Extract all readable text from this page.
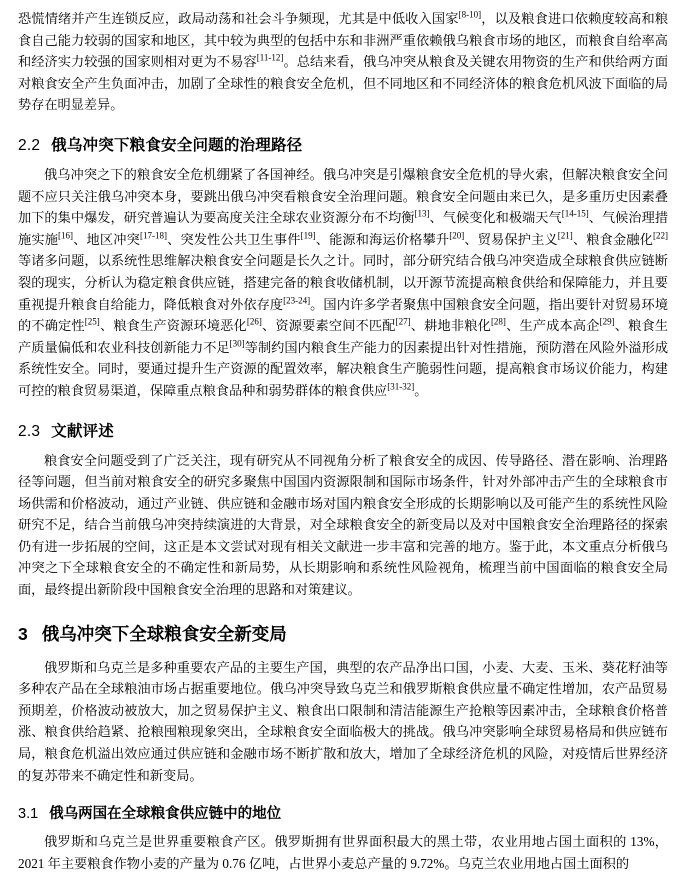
恐慌情绪并产生连锁反应，政局动荡和社会斗争频现，尤其是中低收入国家[8-10]，以及粮食进口依赖度较高和粮食自己能力较弱的国家和地区，其中较为典型的包括中东和非洲严重依赖俄乌粮食市场的地区，而粮食自给率高和经济实力较强的国家则相对更为不易容[11-12]。总结来看，俄乌冲突从粮食及关键农用物资的生产和供给两方面对粮食安全产生负面冲击，加剧了全球性的粮食安全危机，但不同地区和不同经济体的粮食危机风波下面临的局势存在明显差异。

2.2 俄乌冲突下粮食安全问题的治理路径

俄乌冲突之下的粮食安全危机绷紧了各国神经。俄乌冲突是引爆粮食安全危机的导火索，但解决粮食安全问题不应只关注俄乌冲突本身，要跳出俄乌冲突看粮食安全治理问题。粮食安全问题由来已久，是多重历史因素叠加下的集中爆发，研究普遍认为要高度关注全球农业资源分布不均衡[13]、气候变化和极端天气[14-15]、气候治理措施实施[16]、地区冲突[17-18]、突发性公共卫生事件[19]、能源和海运价格攀升[20]、贸易保护主义[21]、粮食金融化[22]等诸多问题，以系统性思维解决粮食安全问题是长久之计。同时，部分研究结合俄乌冲突造成全球粮食供应链断裂的现实，分析认为稳定粮食供应链，搭建完备的粮食收储机制，以开源节流提高粮食供给和保障能力，并且要重视提升粮食自给能力，降低粮食对外依存度[23-24]。国内许多学者聚焦中国粮食安全问题，指出要针对贸易环境的不确定性[25]、粮食生产资源环境恶化[26]、资源要素空间不匹配[27]、耕地非粮化[28]、生产成本高企[29]、粮食生产质量偏低和农业科技创新能力不足[30]等制约国内粮食生产能力的因素提出针对性措施，预防潜在风险外溢形成系统性安全。同时，要通过提升生产资源的配置效率，解决粮食生产脆弱性问题，提高粮食市场议价能力，构建可控的粮食贸易渠道，保障重点粮食品种和弱势群体的粮食供应[31-32]。

2.3 文献评述

粮食安全问题受到了广泛关注，现有研究从不同视角分析了粮食安全的成因、传导路径、潜在影响、治理路径等问题，但当前对粮食安全的研究多聚焦中国国内资源限制和国际市场条件，针对外部冲击产生的全球粮食市场供需和价格波动，通过产业链、供应链和金融市场对国内粮食安全形成的长期影响以及可能产生的系统性风险研究不足，结合当前俄乌冲突持续演进的大背景，对全球粮食安全的新变局以及对中国粮食安全治理路径的探索仍有进一步拓展的空间，这正是本文尝试对现有相关文献进一步丰富和完善的地方。鉴于此，本文重点分析俄乌冲突之下全球粮食安全的不确定性和新局势，从长期影响和系统性风险视角，梳理当前中国面临的粮食安全局面，最终提出新阶段中国粮食安全治理的思路和对策建议。

3 俄乌冲突下全球粮食安全新变局

俄罗斯和乌克兰是多种重要农产品的主要生产国，典型的农产品净出口国，小麦、大麦、玉米、葵花籽油等多种农产品在全球粮油市场占据重要地位。俄乌冲突导致乌克兰和俄罗斯粮食供应量不确定性增加，农产品贸易预期差，价格波动被放大，加之贸易保护主义、粮食出口限制和清洁能源生产抢粮等因素冲击，全球粮食价格普涨、粮食供给趋紧、抢粮囤粮现象突出，全球粮食安全面临极大的挑战。俄乌冲突影响全球贸易格局和供应链布局，粮食危机溢出效应通过供应链和金融市场不断扩散和放大，增加了全球经济危机的风险，对疫情后世界经济的复苏带来不确定性和新变局。

3.1 俄乌两国在全球粮食供应链中的地位

俄罗斯和乌克兰是世界重要粮食产区。俄罗斯拥有世界面积最大的黑土带，农业用地占国土面积的 13%，2021 年主要粮食作物小麦的产量为 0.76 亿吨，占世界小麦总产量的 9.72%。乌克兰农业用地占国土面积的
